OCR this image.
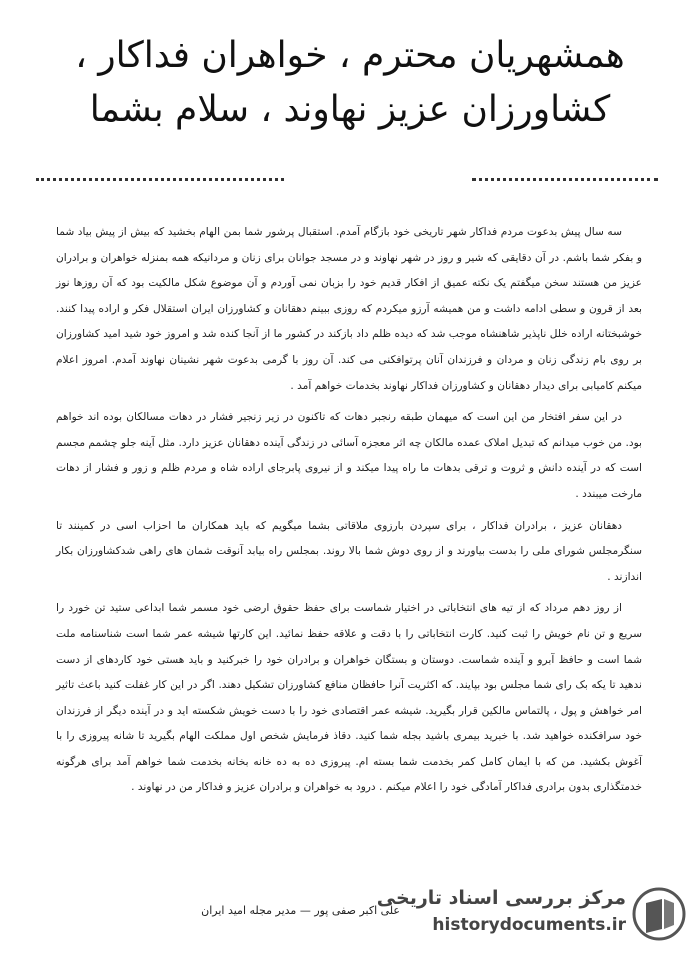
همشهریان محترم ، خواهران فداکار ،
کشاورزان عزیز نهاوند ، سلام بشما

سه سال پیش بدعوت مردم فداکار شهر تاریخی خود بازگام آمدم. استقبال پرشور شما بمن الهام بخشید که بیش از پیش بیاد شما و بفکر شما باشم. در آن دقایقی که شیر و روز در شهر نهاوند و در مسجد جوانان برای زنان و مردانیکه همه بمنزله خواهران و برادران عزیز من هستند سخن میگفتم یک نکته عمیق از افکار قدیم خود را بزبان نمی آوردم و آن موضوع شکل مالکیت بود که آن روزها نوز بعد از قرون و سطی ادامه داشت و من همیشه آرزو میکردم که روزی ببینم دهقانان و کشاورزان ایران استقلال فکر و اراده پیدا کنند. خوشبختانه اراده خلل ناپذیر شاهنشاه موجب شد که دیده ظلم داد بازکند در کشور ما از آنجا کنده شد و امروز خود شید امید کشاورزان بر روی بام زندگی زنان و مردان و فرزندان آنان پرتوافکنی می کند. آن روز با گرمی بدعوت شهر نشینان نهاوند آمدم. امروز اعلام میکنم کامیابی برای دیدار دهقانان و کشاورزان فداکار نهاوند بخدمات خواهم آمد .

در این سفر افتخار من این است که میهمان طبقه رنجبر دهات که تاکنون در زیر زنجیر فشار در دهات مسالکان بوده اند خواهم بود. من خوب میدانم که تبدیل املاک عمده مالکان چه اثر معجزه آسائی در زندگی آینده دهقانان عزیز دارد. مثل آینه جلو چشمم مجسم است که در آینده دانش و ثروت و ترقی بدهات ما راه پیدا میکند و از نیروی پابرجای اراده شاه و مردم ظلم و زور و فشار از دهات مارخت میبندد .

دهقانان عزیز ، برادران فداکار ، برای سپردن بارزوی ملاقاتی بشما میگویم که باید همکاران ما احزاب اسی در کمینند تا سنگرمجلس شورای ملی را بدست بیاورند و از روی دوش شما بالا روند. بمجلس راه بیابد آنوقت شمان های راهی شدکشاورزان بکار اندازند .

از روز دهم مرداد که از تیه های انتخاباتی در اختیار شماست برای حفظ حقوق ارضی خود مسمر شما ابداعی ستید تن خورد را سریع و تن نام خویش را ثبت کنید. کارت انتخاباتی را با دقت و علاقه حفظ نمائید. این کارتها شیشه عمر شما است شناسنامه ملت شما است و حافظ آبرو و آینده شماست. دوستان و بستگان خواهران و برادران خود را خبرکنید و باید هستی خود کاردهای از دست ندهید تا یکه بک رای شما مجلس بود بپایند. که اکثریت آنرا حافظان منافع کشاورزان تشکیل دهند. اگر در این کار غفلت کنید باعث تاثیر امر خواهش و پول ، پالتماس مالکین قرار بگیرید. شیشه عمر اقتصادی خود را با دست خویش شکسته اید و در آینده دیگر از فرزندان خود سرافکنده خواهید شد. با خبرید بیمری باشید بجله شما کنید. دقاذ فرمایش شخص اول مملکت الهام بگیرید تا شانه پیروزی را با آغوش بکشید. من که با ایمان کامل کمر بخدمت شما بسته ام. پیروزی ده به ده خانه بخانه بخدمت شما خواهم آمد برای هرگونه خدمتگذاری بدون برادری فداکار آمادگی خود را اعلام میکنم . درود به خواهران و برادران عزیز و فداکار من در نهاوند .

علی اکبر صفی پور — مدیر مجله امید ایران
مرکز بررسی اسناد تاریخی
historydocuments.ir
